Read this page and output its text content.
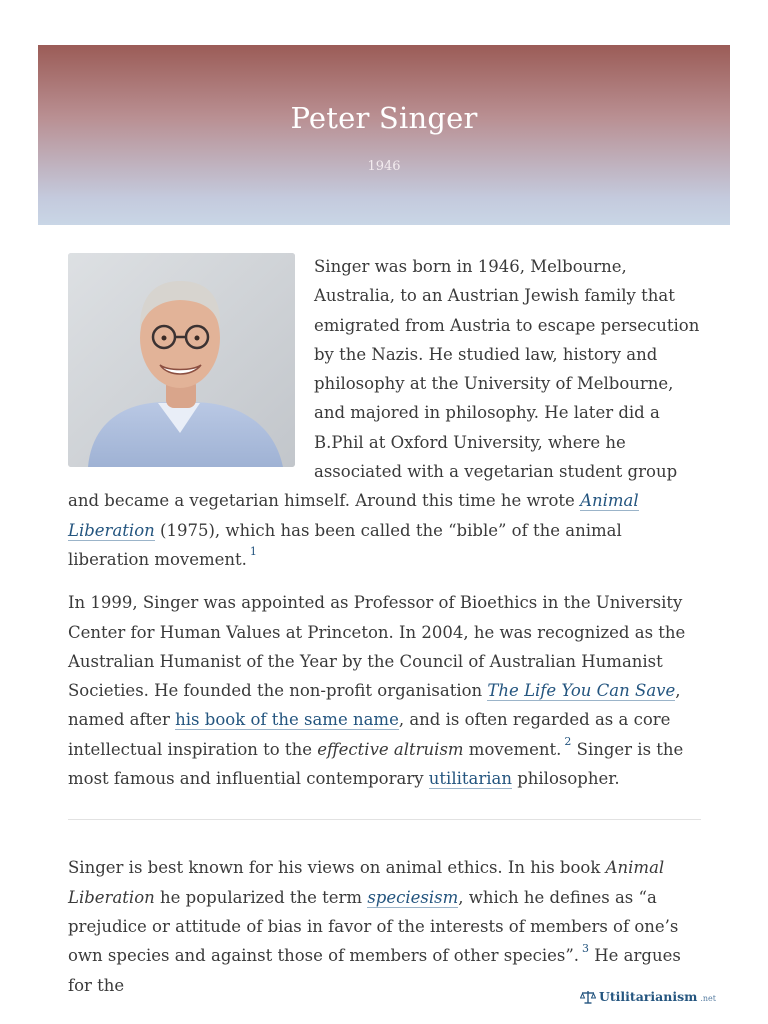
Peter Singer
1946

Singer was born in 1946, Melbourne, Australia, to an Austrian Jewish family that emigrated from Austria to escape persecution by the Nazis. He studied law, history and philosophy at the University of Melbourne, and majored in philosophy. He later did a B.Phil at Oxford University, where he associated with a vegetarian student group and became a vegetarian himself. Around this time he wrote Animal Liberation (1975), which has been called the “bible” of the animal liberation movement. $^1$

In 1999, Singer was appointed as Professor of Bioethics in the University Center for Human Values at Princeton. In 2004, he was recognized as the Australian Humanist of the Year by the Council of Australian Humanist Societies. He founded the non-profit organisation The Life You Can Save, named after his book of the same name, and is often regarded as a core intellectual inspiration to the effective altruism movement. $^2$ Singer is the most famous and influential contemporary utilitarian philosopher.

Singer is best known for his views on animal ethics. In his book Animal Liberation he popularized the term speciesism, which he defines as “a prejudice or attitude of bias in favor of the interests of members of one’s own species and against those of members of other species”. $^3$ He argues for the

Utilitarianism .net
